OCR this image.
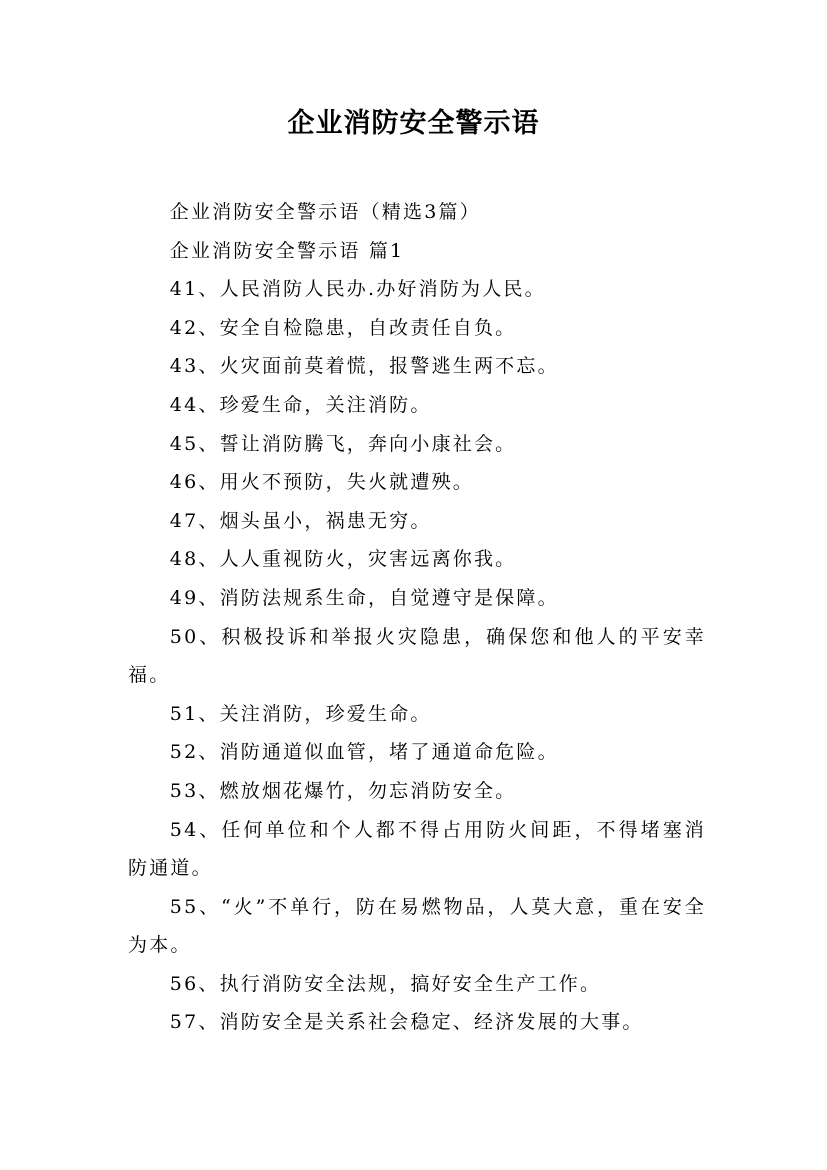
企业消防安全警示语

企业消防安全警示语（精选3篇）

企业消防安全警示语 篇1

41、人民消防人民办.办好消防为人民。

42、安全自检隐患，自改责任自负。

43、火灾面前莫着慌，报警逃生两不忘。

44、珍爱生命，关注消防。

45、誓让消防腾飞，奔向小康社会。

46、用火不预防，失火就遭殃。

47、烟头虽小，祸患无穷。

48、人人重视防火，灾害远离你我。

49、消防法规系生命，自觉遵守是保障。

50、积极投诉和举报火灾隐患，确保您和他人的平安幸福。

51、关注消防，珍爱生命。

52、消防通道似血管，堵了通道命危险。

53、燃放烟花爆竹，勿忘消防安全。

54、任何单位和个人都不得占用防火间距，不得堵塞消防通道。

55、“火”不单行，防在易燃物品，人莫大意，重在安全为本。

56、执行消防安全法规，搞好安全生产工作。

57、消防安全是关系社会稳定、经济发展的大事。
